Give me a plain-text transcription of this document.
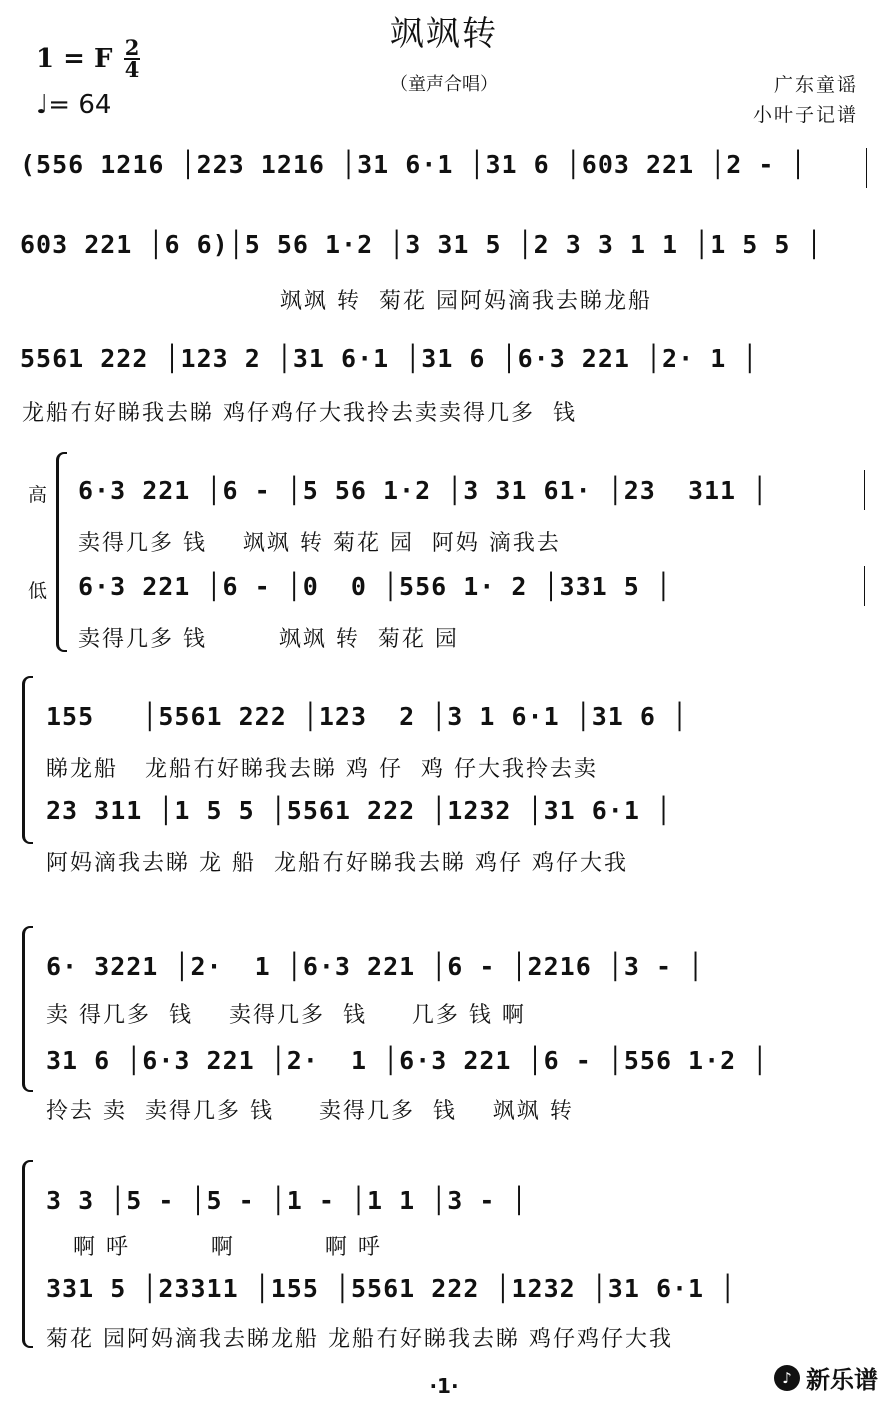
飒飒转
（童声合唱）
1 = F 2
4
♩= 64
广东童谣
小叶子记谱
(556 1216 │223 1216 │31 6·1 │31 6 │603 221 │2 - │
603 221 │6 6)│5 56 1·2 │3 31 5 │2 3 3 1 1 │1 5 5 │
飒飒 转  菊花 园阿妈滴我去睇龙船
5561 222 │123 2 │31 6·1 │31 6 │6·3 221 │2· 1 │
龙船冇好睇我去睇 鸡仔鸡仔大我拎去卖卖得几多  钱
高
低
6·3 221 │6 - │5 56 1·2 │3 31 61· │23  311 │
卖得几多 钱    飒飒 转 菊花 园  阿妈 滴我去
6·3 221 │6 - │0  0 │556 1· 2 │331 5 │
卖得几多 钱        飒飒 转  菊花 园
155   │5561 222 │123  2 │3 1 6·1 │31 6 │
睇龙船   龙船冇好睇我去睇 鸡 仔  鸡 仔大我拎去卖
23 311 │1 5 5 │5561 222 │1232 │31 6·1 │
阿妈滴我去睇 龙 船  龙船冇好睇我去睇 鸡仔 鸡仔大我
6· 3221 │2·  1 │6·3 221 │6 - │2216 │3 - │
卖 得几多  钱    卖得几多  钱     几多 钱 啊
31 6 │6·3 221 │2·  1 │6·3 221 │6 - │556 1·2 │
拎去 卖  卖得几多 钱     卖得几多  钱    飒飒 转
3 3 │5 - │5 - │1 - │1 1 │3 - │
啊 呼         啊          啊 呼
331 5 │23311 │155 │5561 222 │1232 │31 6·1 │
菊花 园阿妈滴我去睇龙船 龙船冇好睇我去睇 鸡仔鸡仔大我
·1·	♪ 新乐谱
